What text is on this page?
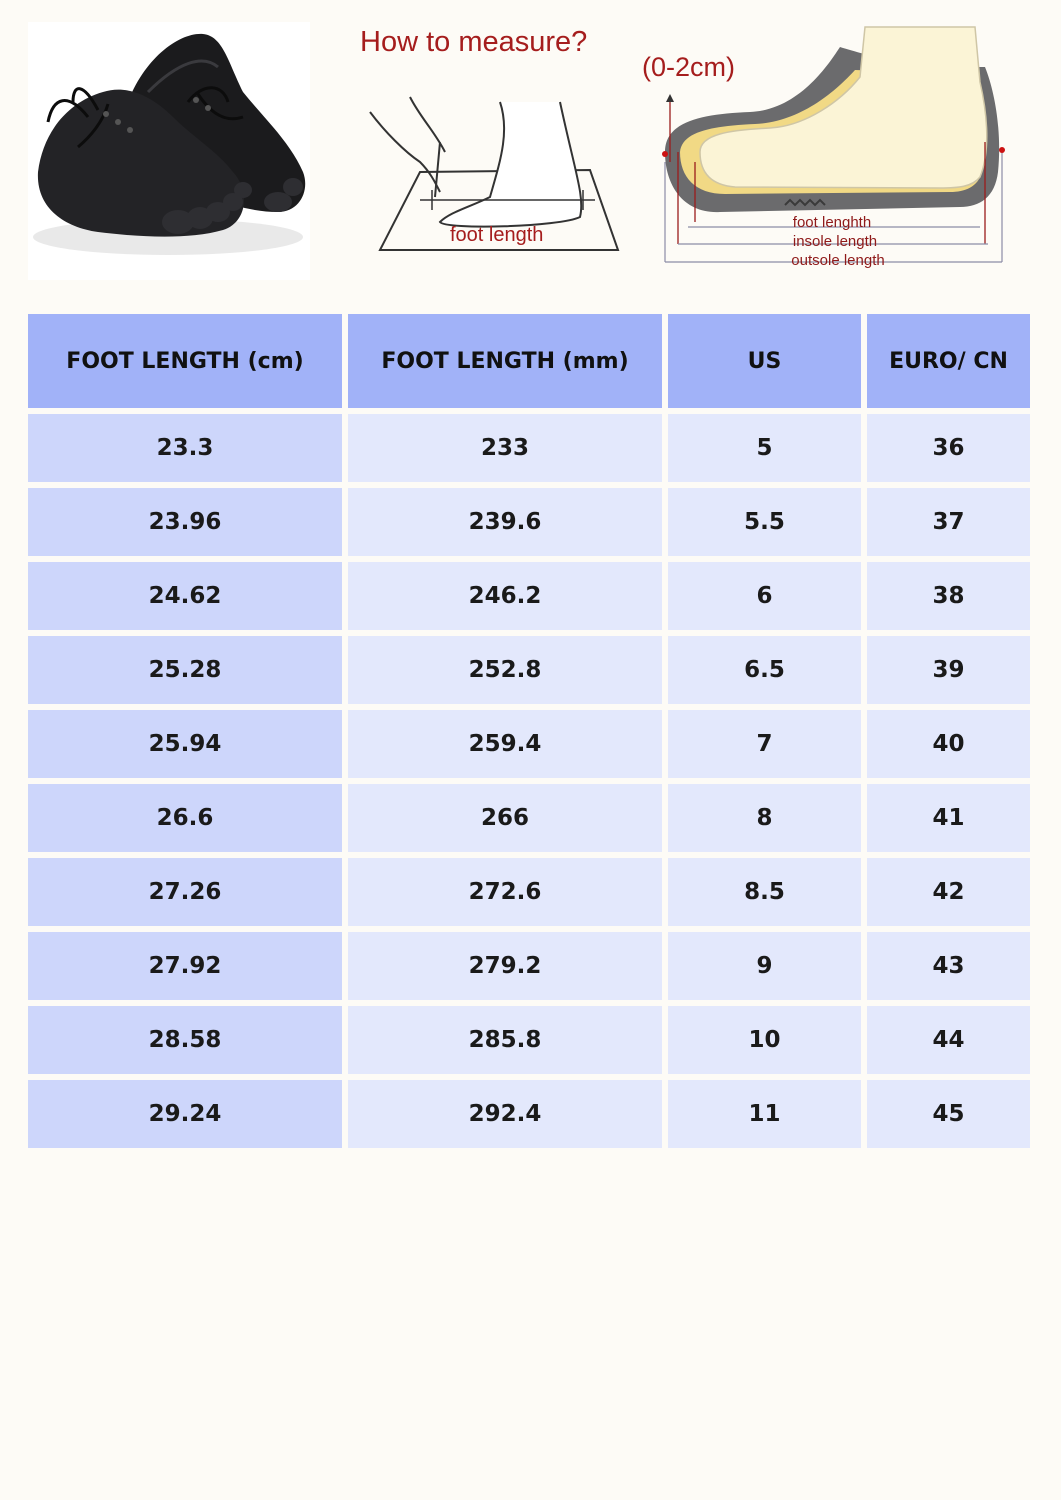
How to measure?
foot length
(0-2cm)
foot lenghth
insole length
outsole length
FOOT LENGTH (cm)	FOOT LENGTH (mm)	US	EURO/ CN
23.3	233	5	36
23.96	239.6	5.5	37
24.62	246.2	6	38
25.28	252.8	6.5	39
25.94	259.4	7	40
26.6	266	8	41
27.26	272.6	8.5	42
27.92	279.2	9	43
28.58	285.8	10	44
29.24	292.4	11	45
